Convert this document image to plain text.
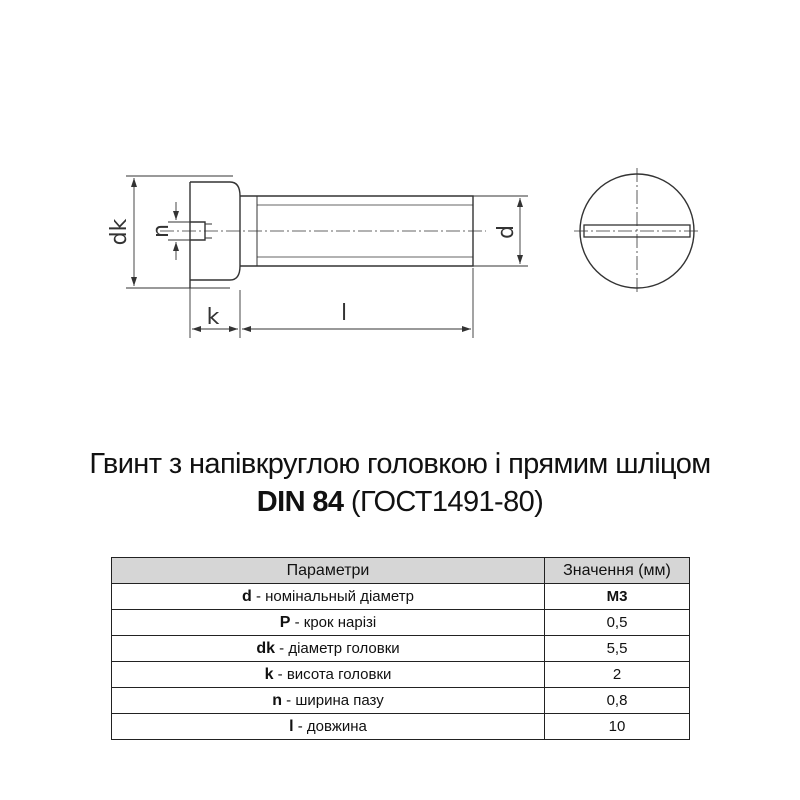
dk n	d
k	l
Гвинт з напівкруглою головкою і прямим шліцом
DIN 84 (ГОСТ1491-80)
Параметри	Значення (мм)
d - номінальный діаметр	M3
P - крок нарізі	0,5
dk - діаметр головки	5,5
k - висота головки	2
n - ширина пазу	0,8
l - довжина	10
